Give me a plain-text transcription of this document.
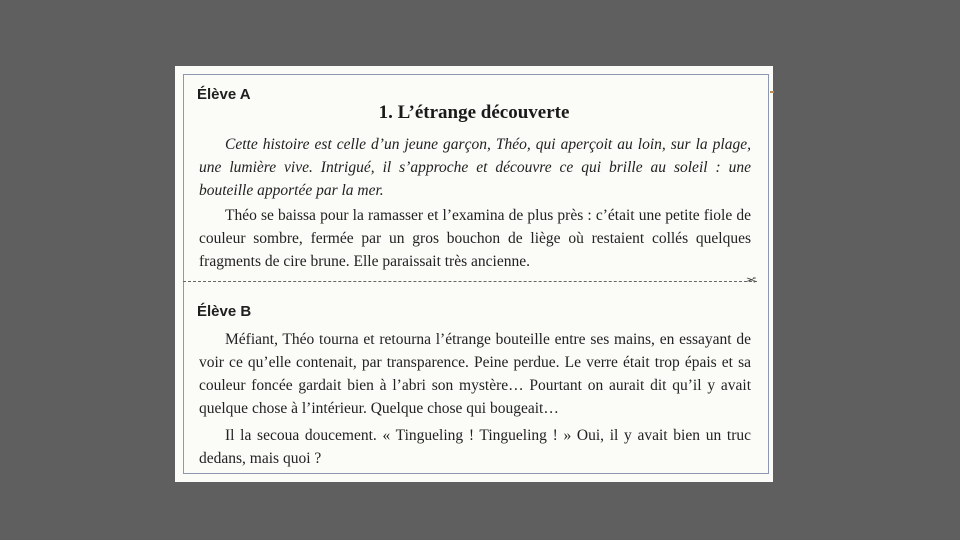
Élève A

1. L’étrange découverte

Cette histoire est celle d’un jeune garçon, Théo, qui aperçoit au loin, sur la plage, une lumière vive. Intrigué, il s’approche et découvre ce qui brille au soleil : une bouteille apportée par la mer.

Théo se baissa pour la ramasser et l’examina de plus près : c’était une petite fiole de couleur sombre, fermée par un gros bouchon de liège où restaient collés quelques fragments de cire brune. Elle paraissait très ancienne.

✂

Élève B

Méfiant, Théo tourna et retourna l’étrange bouteille entre ses mains, en essayant de voir ce qu’elle contenait, par transparence. Peine perdue. Le verre était trop épais et sa couleur foncée gardait bien à l’abri son mystère… Pourtant on aurait dit qu’il y avait quelque chose à l’intérieur. Quelque chose qui bougeait…

Il la secoua doucement. « Tingueling ! Tingueling ! » Oui, il y avait bien un truc dedans, mais quoi ?
